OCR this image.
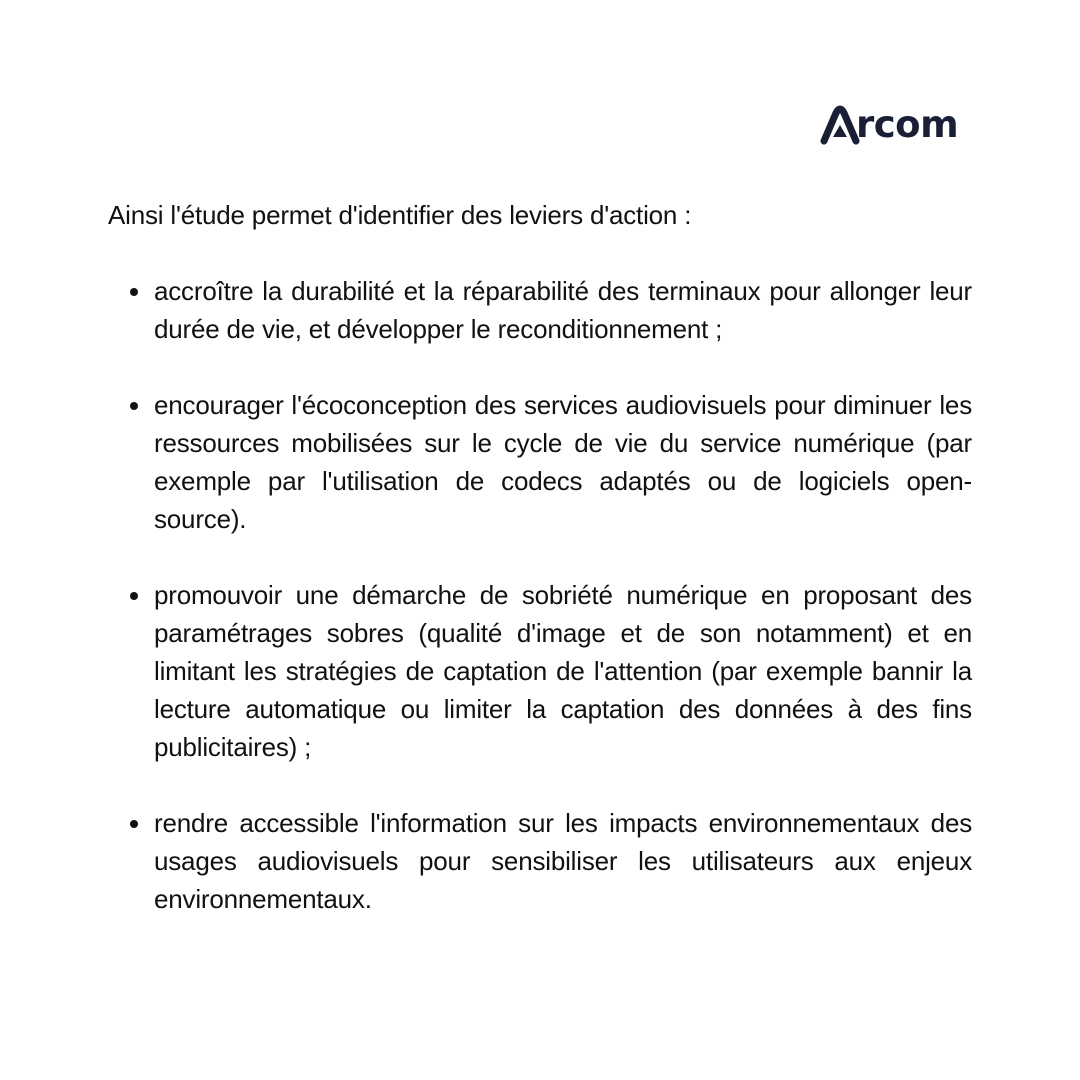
rcom

Ainsi l'étude permet d'identifier des leviers d'action :

accroître la durabilité et la réparabilité des terminaux pour allonger leur durée de vie, et développer le reconditionnement ;
encourager l'écoconception des services audiovisuels pour diminuer les ressources mobilisées sur le cycle de vie du service numérique (par exemple par l'utilisation de codecs adaptés ou de logiciels open-source).
promouvoir une démarche de sobriété numérique en proposant des paramétrages sobres (qualité d'image et de son notamment) et en limitant les stratégies de captation de l'attention (par exemple bannir la lecture automatique ou limiter la captation des données à des fins publicitaires) ;
rendre accessible l'information sur les impacts environnementaux des usages audiovisuels pour sensibiliser les utilisateurs aux enjeux environnementaux.
